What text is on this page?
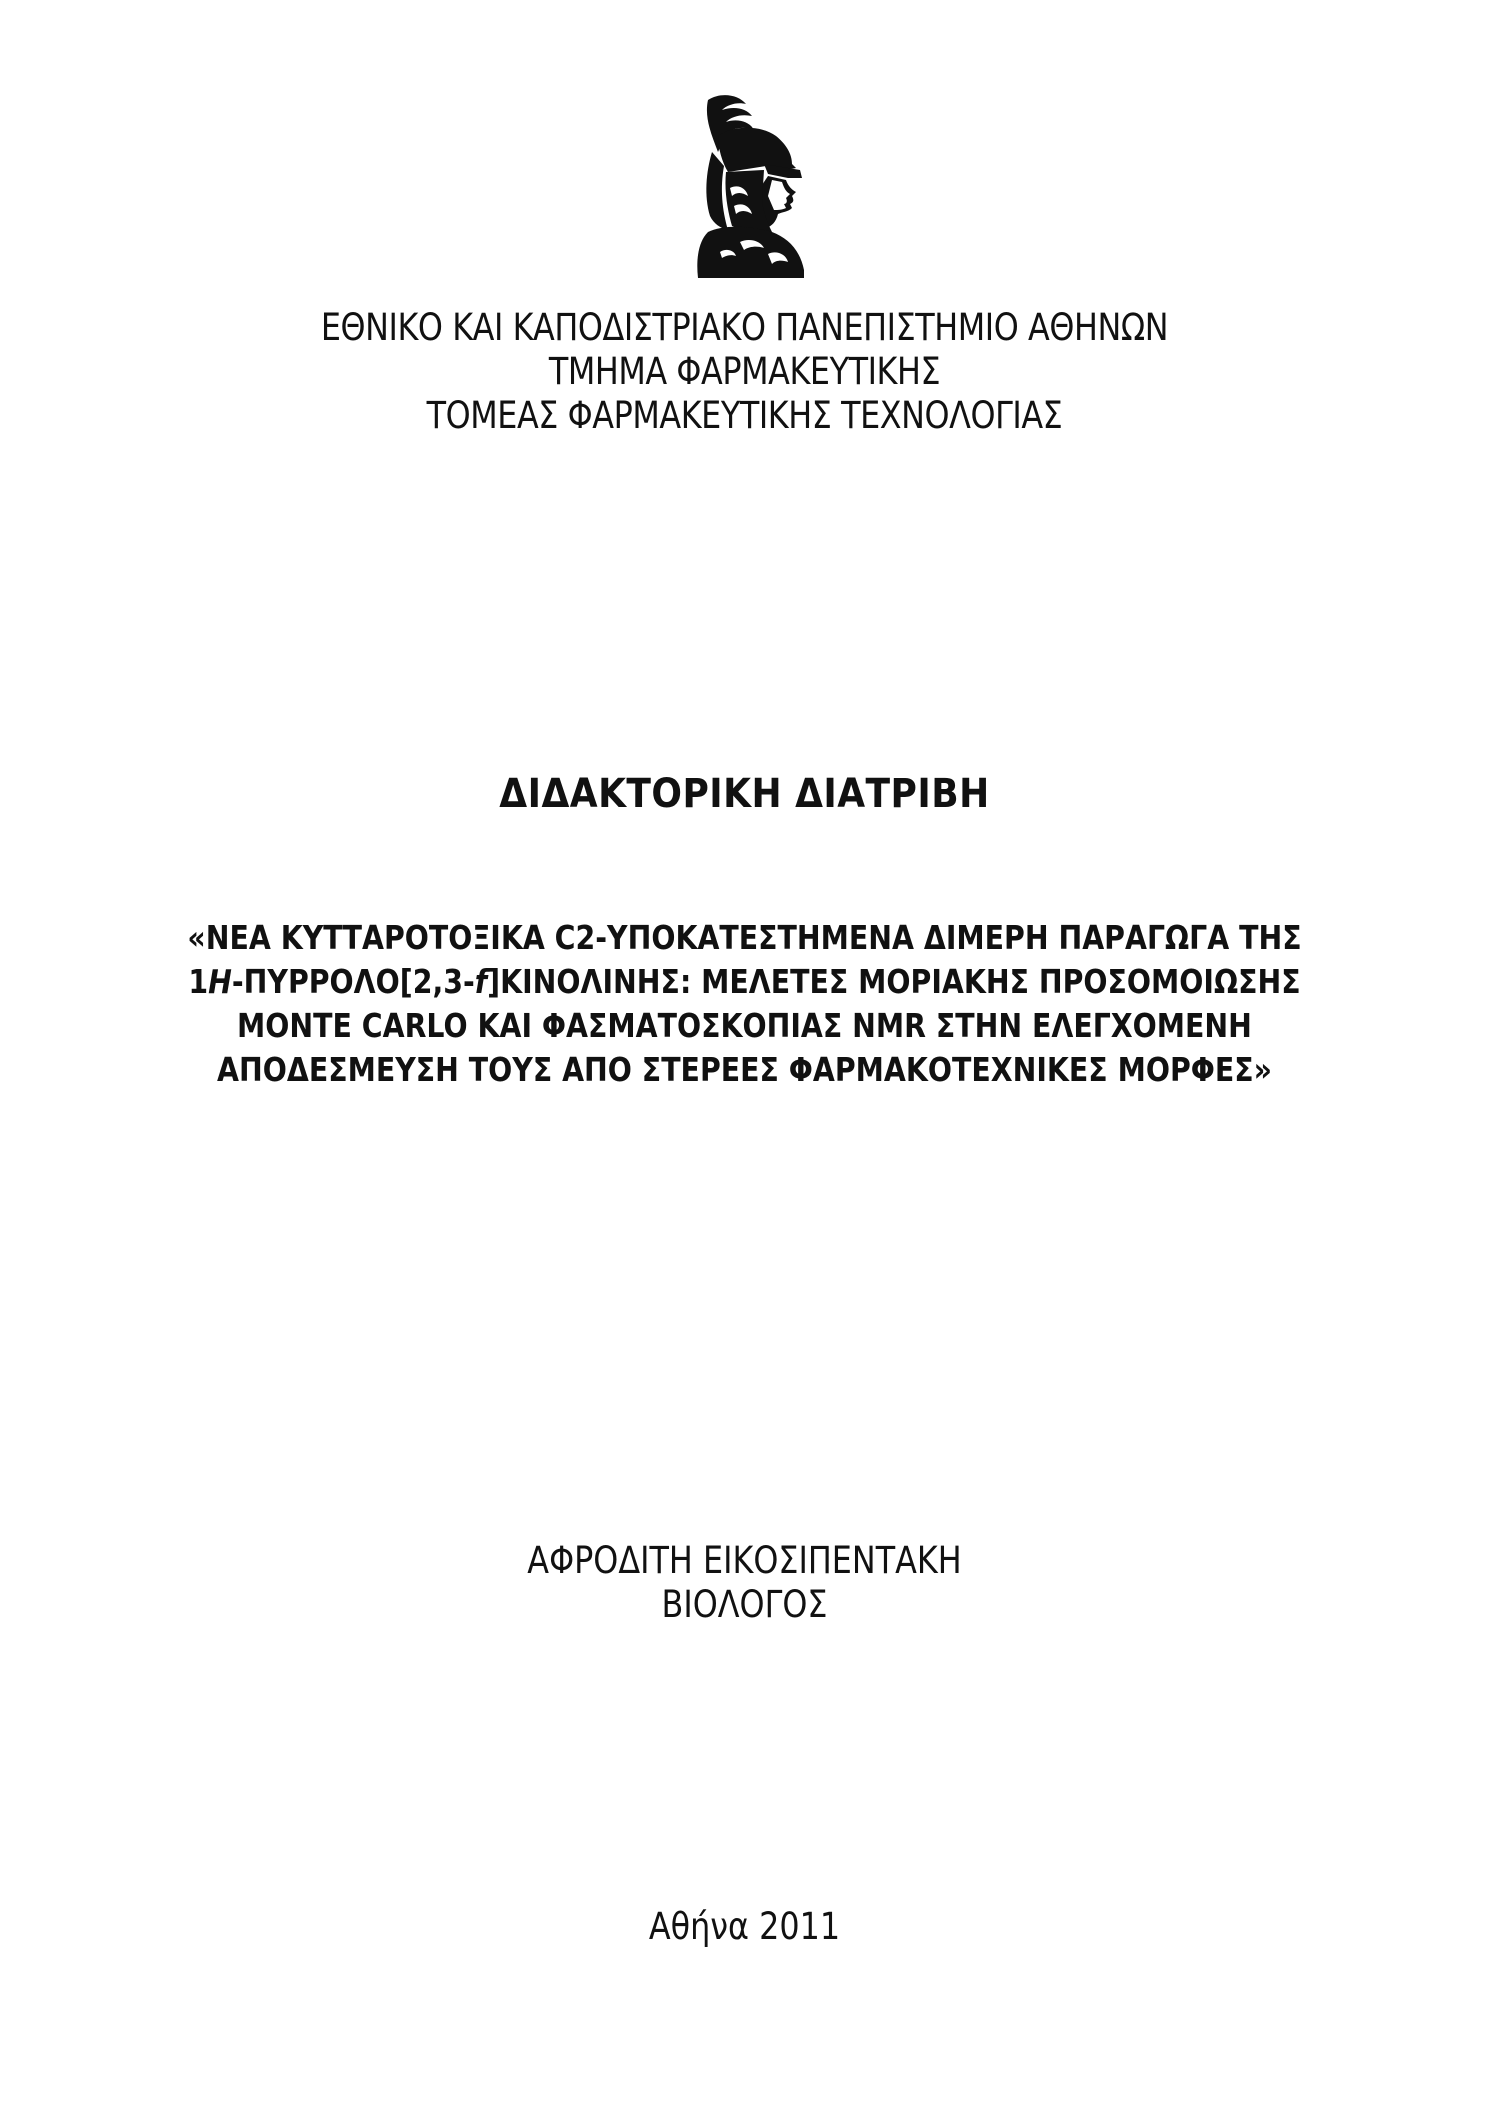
ΕΘΝΙΚΟ ΚΑΙ ΚΑΠΟΔΙΣΤΡΙΑΚΟ ΠΑΝΕΠΙΣΤΗΜΙΟ ΑΘΗΝΩΝ
ΤΜΗΜΑ ΦΑΡΜΑΚΕΥΤΙΚΗΣ
ΤΟΜΕΑΣ ΦΑΡΜΑΚΕΥΤΙΚΗΣ ΤΕΧΝΟΛΟΓΙΑΣ
ΔΙΔΑΚΤΟΡΙΚΗ ΔΙΑΤΡΙΒΗ
«ΝΕΑ ΚΥΤΤΑΡΟΤΟΞΙΚΑ C2-ΥΠΟΚΑΤΕΣΤΗΜΕΝΑ ΔΙΜΕΡΗ ΠΑΡΑΓΩΓΑ ΤΗΣ
1H-ΠΥΡΡΟΛΟ[2,3-f]ΚΙΝΟΛΙΝΗΣ: ΜΕΛΕΤΕΣ ΜΟΡΙΑΚΗΣ ΠΡΟΣΟΜΟΙΩΣΗΣ
MONTE CARLO ΚΑΙ ΦΑΣΜΑΤΟΣΚΟΠΙΑΣ NMR ΣΤΗΝ ΕΛΕΓΧΟΜΕΝΗ
ΑΠΟΔΕΣΜΕΥΣΗ ΤΟΥΣ ΑΠΟ ΣΤΕΡΕΕΣ ΦΑΡΜΑΚΟΤΕΧΝΙΚΕΣ ΜΟΡΦΕΣ»
ΑΦΡΟΔΙΤΗ ΕΙΚΟΣΙΠΕΝΤΑΚΗ
ΒΙΟΛΟΓΟΣ
Αθήνα 2011
